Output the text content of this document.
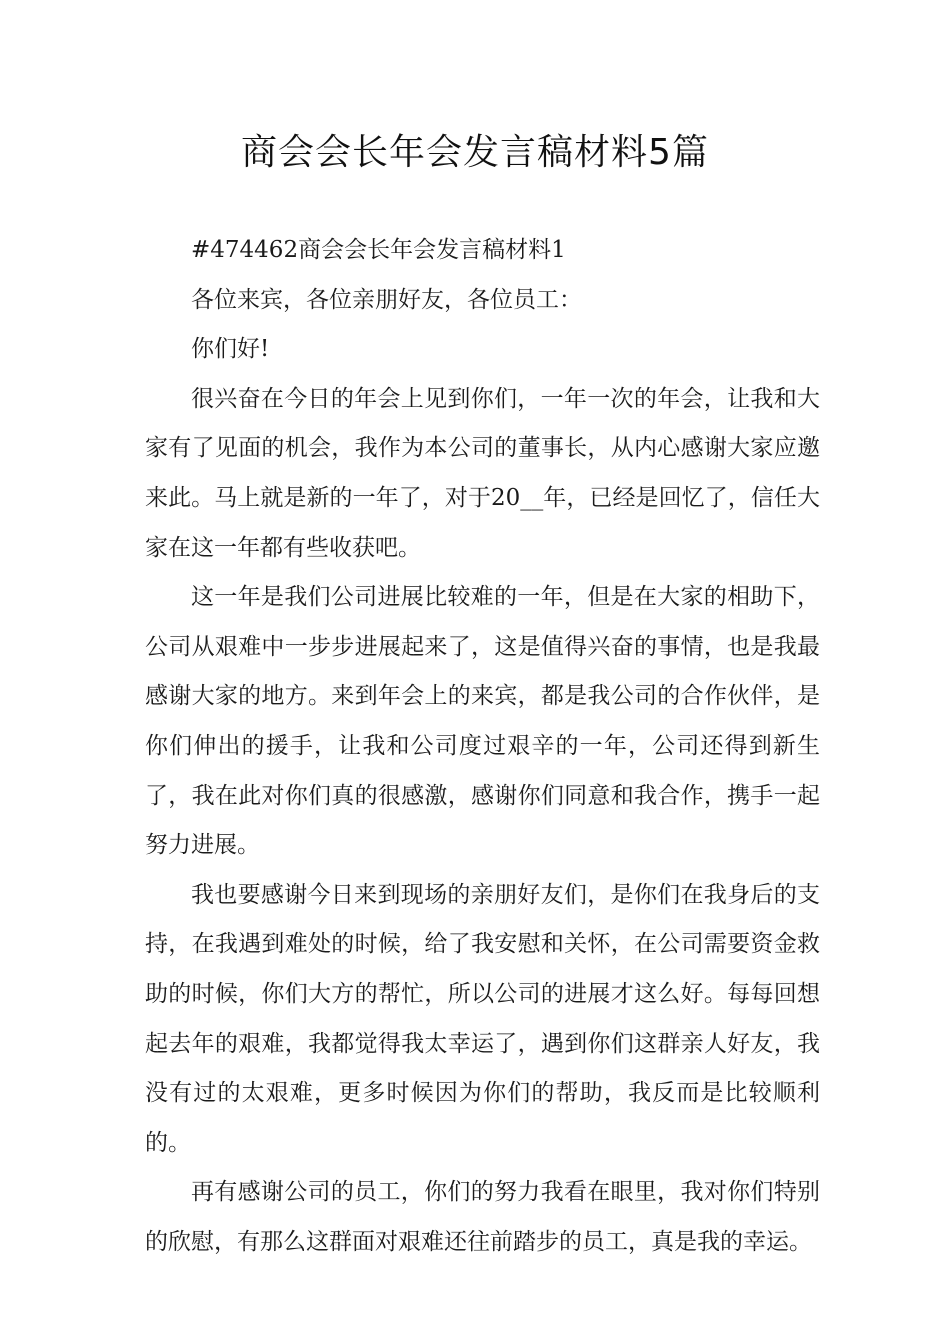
商会会长年会发言稿材料5篇

#474462商会会长年会发言稿材料1

各位来宾，各位亲朋好友，各位员工：

你们好!

很兴奋在今日的年会上见到你们，一年一次的年会，让我和大家有了见面的机会，我作为本公司的董事长，从内心感谢大家应邀来此。马上就是新的一年了，对于20__年，已经是回忆了，信任大家在这一年都有些收获吧。

这一年是我们公司进展比较难的一年，但是在大家的相助下，公司从艰难中一步步进展起来了，这是值得兴奋的事情，也是我最感谢大家的地方。来到年会上的来宾，都是我公司的合作伙伴，是你们伸出的援手，让我和公司度过艰辛的一年，公司还得到新生了，我在此对你们真的很感激，感谢你们同意和我合作，携手一起努力进展。

我也要感谢今日来到现场的亲朋好友们，是你们在我身后的支持，在我遇到难处的时候，给了我安慰和关怀，在公司需要资金救助的时候，你们大方的帮忙，所以公司的进展才这么好。每每回想起去年的艰难，我都觉得我太幸运了，遇到你们这群亲人好友，我没有过的太艰难，更多时候因为你们的帮助，我反而是比较顺利的。

再有感谢公司的员工，你们的努力我看在眼里，我对你们特别的欣慰，有那么这群面对艰难还往前踏步的员工，真是我的幸运。
